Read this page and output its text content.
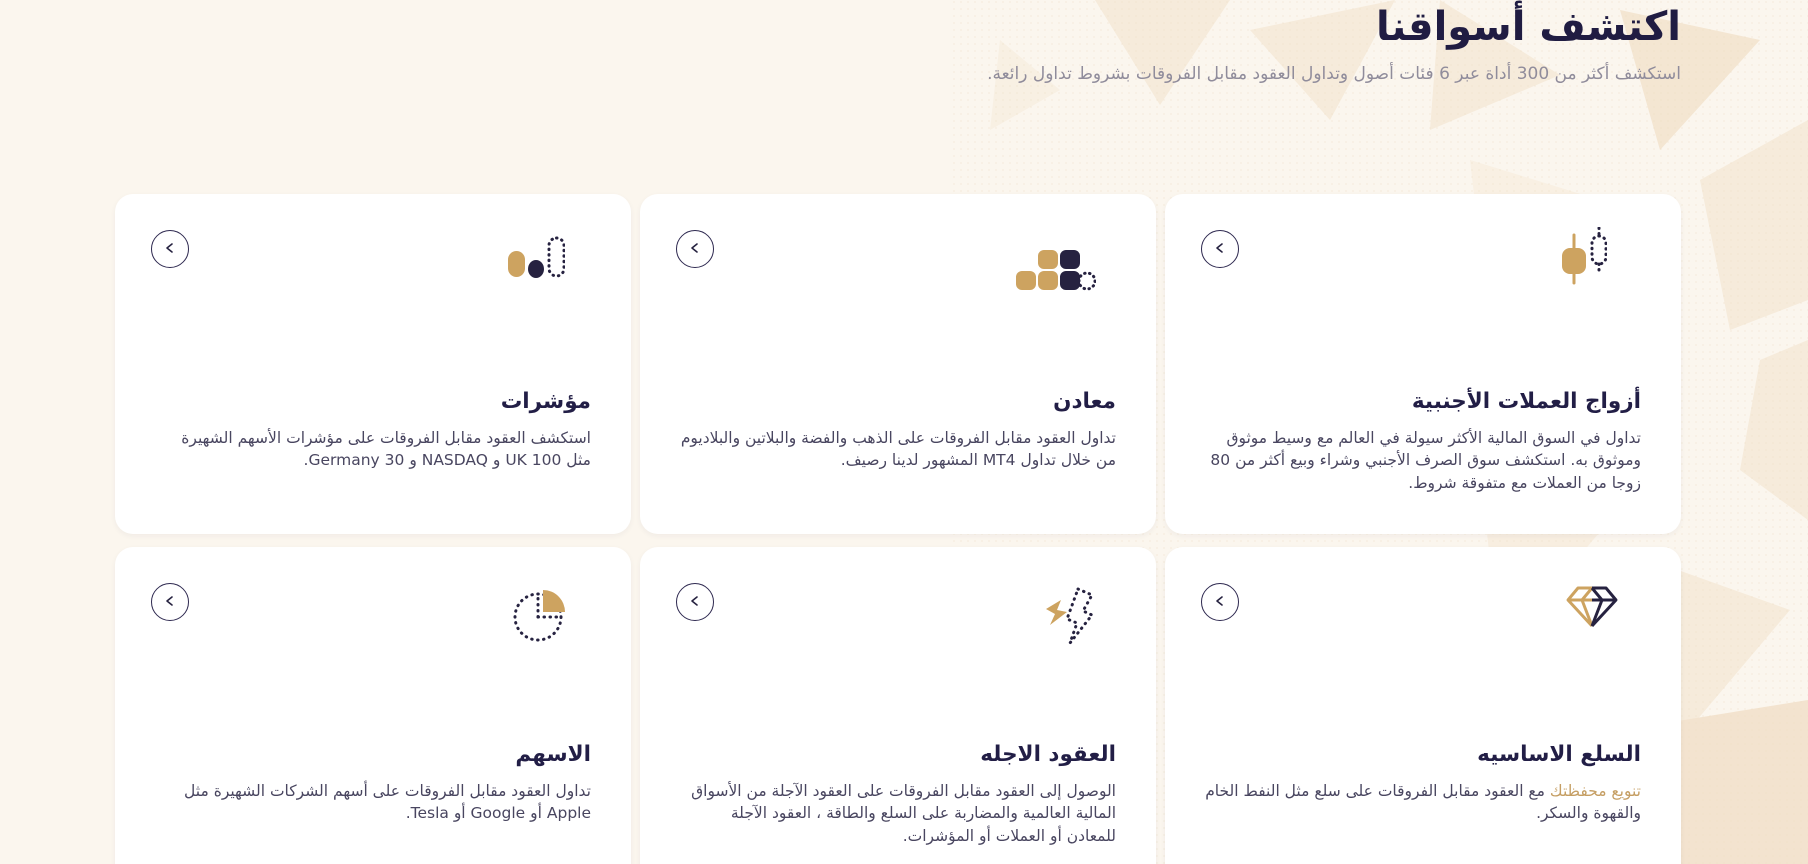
اكتشف أسواقنا
استكشف أكثر من 300 أداة عبر 6 فئات أصول وتداول العقود مقابل الفروقات بشروط تداول رائعة.
أزواج العملات الأجنبية

تداول في السوق المالية الأكثر سيولة في العالم مع وسيط موثوق وموثوق به. استكشف سوق الصرف الأجنبي وشراء وبيع أكثر من 80 زوجا من العملات مع متفوقة شروط.

معادن

تداول العقود مقابل الفروقات على الذهب والفضة والبلاتين والبلاديوم من خلال تداول MT4 المشهور لدينا رصيف.

مؤشرات

استكشف العقود مقابل الفروقات على مؤشرات الأسهم الشهيرة مثل UK 100 و NASDAQ و Germany 30.

السلع الاساسيه

تنويع محفظتك مع العقود مقابل الفروقات على سلع مثل النفط الخام والقهوة والسكر.

العقود الاجله

الوصول إلى العقود مقابل الفروقات على العقود الآجلة من الأسواق المالية العالمية والمضاربة على السلع والطاقة ، العقود الآجلة للمعادن أو العملات أو المؤشرات.

الاسهم

تداول العقود مقابل الفروقات على أسهم الشركات الشهيرة مثل Apple أو Google أو Tesla.
